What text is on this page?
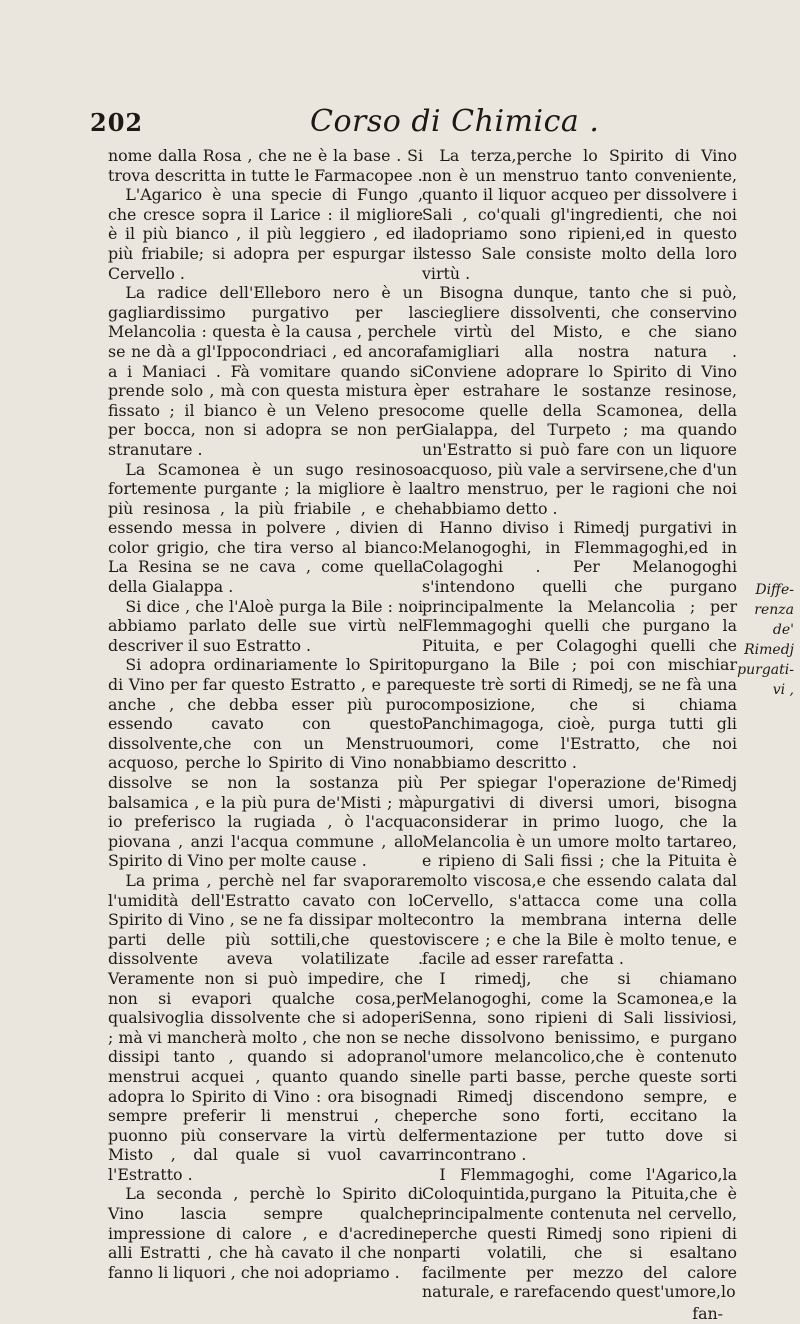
202	Corso di Chimica .

nome dalla Rosa , che ne è la base . Si trova descritta in tutte le Farmacopee .

L'Agarico è una specie di Fungo , che cresce sopra il Larice : il migliore è il più bianco , il più leggiero , ed il più friabile; si adopra per espurgar il Cervello .

La radice dell'Elleboro nero è un gagliardissimo purgativo per la Melancolia : questa è la causa , perche se ne dà a gl'Ippocondriaci , ed ancora a i Maniaci . Fà vomitare quando si prende solo , mà con questa mistura è fissato ; il bianco è un Veleno preso per bocca, non si adopra se non per stranutare .

La Scamonea è un sugo resinoso fortemente purgante ; la migliore è la più resinosa , la più friabile , e che essendo messa in polvere , divien di color grigio, che tira verso al bianco: La Resina se ne cava , come quella della Gialappa .

Si dice , che l'Aloè purga la Bile : noi abbiamo parlato delle sue virtù nel descriver il suo Estratto .

Si adopra ordinariamente lo Spirito di Vino per far questo Estratto , e pare anche , che debba esser più puro essendo cavato con questo dissolvente,che con un Menstruo acquoso, perche lo Spirito di Vino non dissolve se non la sostanza più balsamica , e la più pura de'Misti ; mà io preferisco la rugiada , ò l'acqua piovana , anzi l'acqua commune , allo Spirito di Vino per molte cause .

La prima , perchè nel far svaporare l'umidità dell'Estratto cavato con lo Spirito di Vino , se ne fa dissipar molte parti delle più sottili,che questo dissolvente aveva volatilizate . Veramente non si può impedire, che non si evapori qualche cosa,per qualsivoglia dissolvente che si adoperi ; mà vi mancherà molto , che non se ne dissipi tanto , quando si adoprano menstrui acquei , quanto quando si adopra lo Spirito di Vino : ora bisogna sempre preferir li menstrui , che puonno più conservare la virtù del Misto , dal quale si vuol cavar l'Estratto .

La seconda , perchè lo Spirito di Vino lascia sempre qualche impressione di calore , e d'acredine alli Estratti , che hà cavato il che non fanno li liquori , che noi adopriamo .

La terza,perche lo Spirito di Vino non è un menstruo tanto conveniente, quanto il liquor acqueo per dissolvere i Sali , co'quali gl'ingredienti, che noi adopriamo sono ripieni,ed in questo stesso Sale consiste molto della loro virtù .

Bisogna dunque, tanto che si può, sciegliere dissolventi, che conservino le virtù del Misto, e che siano famigliari alla nostra natura . Conviene adoprare lo Spirito di Vino per estrahare le sostanze resinose, come quelle della Scamonea, della Gialappa, del Turpeto ; ma quando un'Estratto si può fare con un liquore acquoso, più vale a servirsene,che d'un altro menstruo, per le ragioni che noi habbiamo detto .

Hanno diviso i Rimedj purgativi in Melanogoghi, in Flemmagoghi,ed in Colagoghi . Per Melanogoghi s'intendono quelli che purgano principalmente la Melancolia ; per Flemmagoghi quelli che purgano la Pituita, e per Colagoghi quelli che purgano la Bile ; poi con mischiar queste trè sorti di Rimedj, se ne fà una composizione, che si chiama Panchimagoga, cioè, purga tutti gli umori, come l'Estratto, che noi abbiamo descritto .

Per spiegar l'operazione de'Rimedj purgativi di diversi umori, bisogna considerar in primo luogo, che la Melancolia è un umore molto tartareo, e ripieno di Sali fissi ; che la Pituita è molto viscosa,e che essendo calata dal Cervello, s'attacca come una colla contro la membrana interna delle viscere ; e che la Bile è molto tenue, e facile ad esser rarefatta .

I rimedj, che si chiamano Melanogoghi, come la Scamonea,e la Senna, sono ripieni di Sali lissiviosi, che dissolvono benissimo, e purgano l'umore melancolico,che è contenuto nelle parti basse, perche queste sorti di Rimedj discendono sempre, e perche sono forti, eccitano la fermentazione per tutto dove si rincontrano .

I Flemmagoghi, come l'Agarico,la Coloquintida,purgano la Pituita,che è principalmente contenuta nel cervello, perche questi Rimedj sono ripieni di parti volatili, che si esaltano facilmente per mezzo del calore naturale, e rarefacendo quest'umore,lo

fan-
Diffe-
renza de'
Rimedj
purgati-
vi ,
